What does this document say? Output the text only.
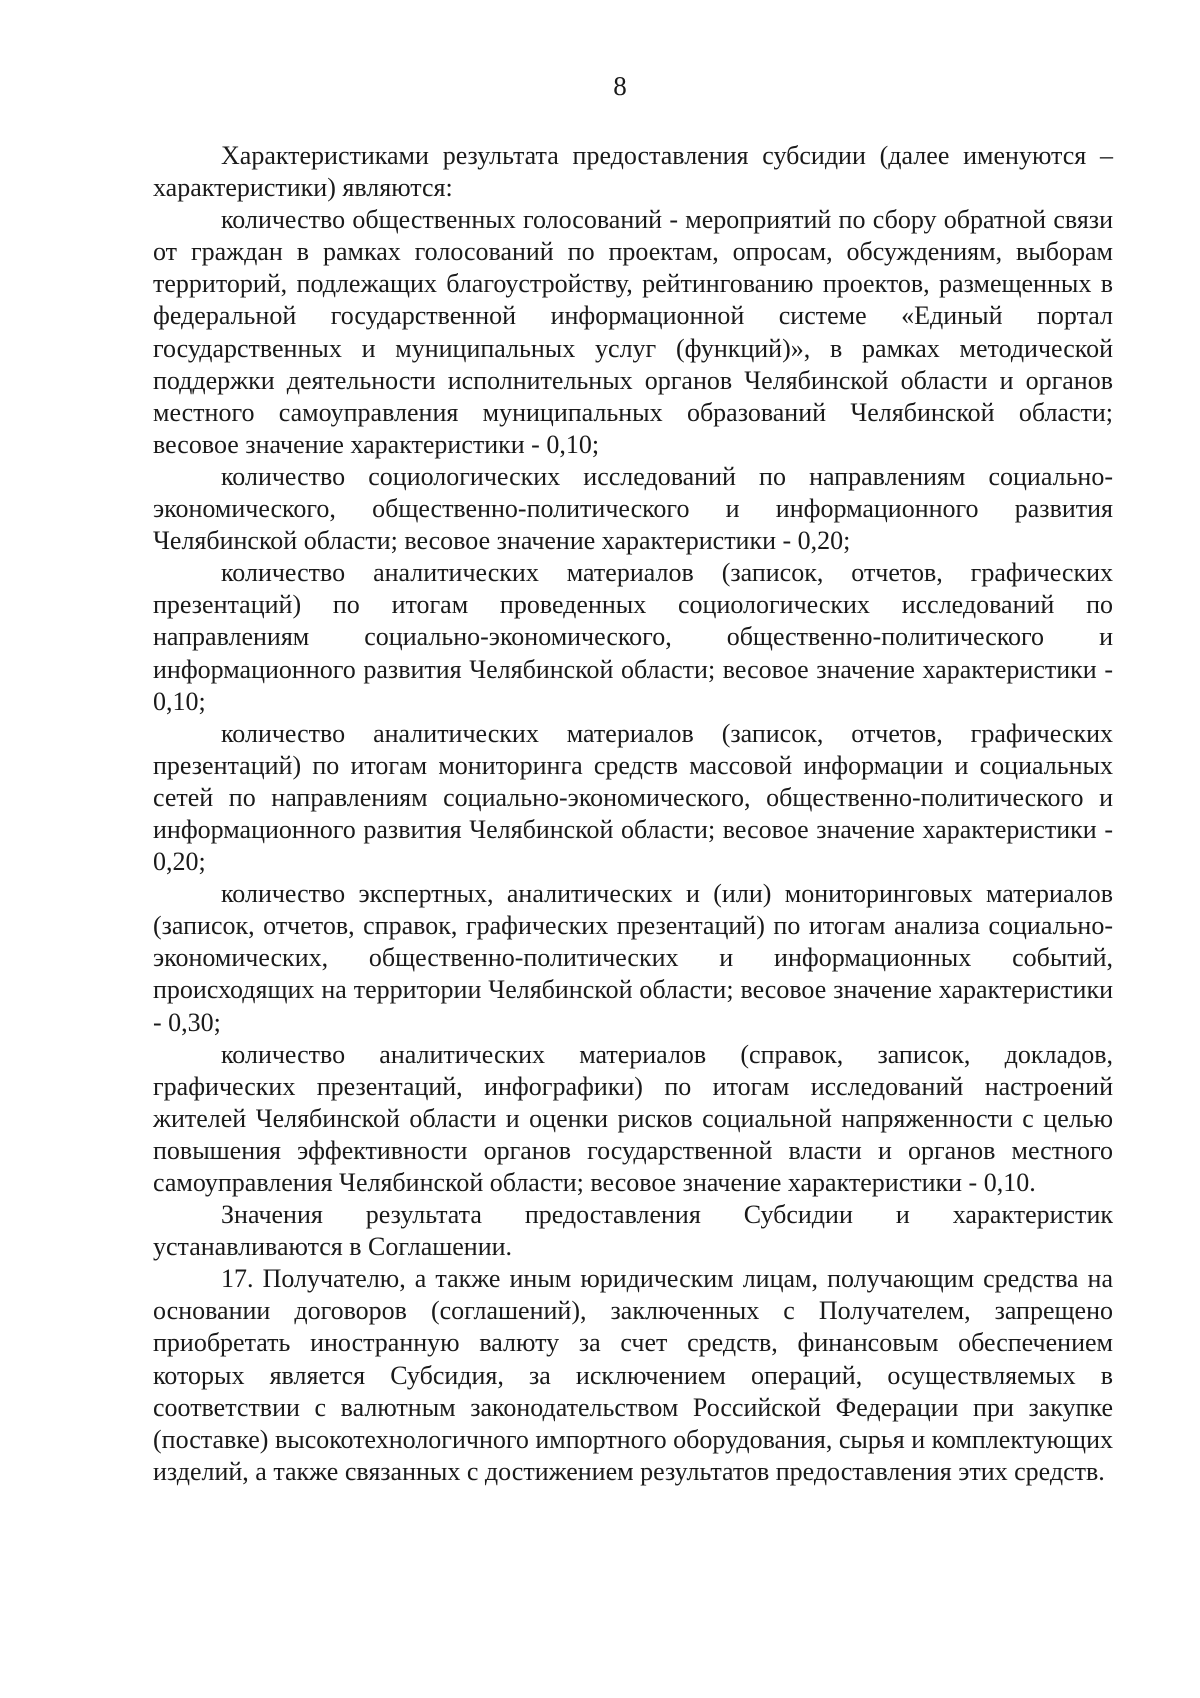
8

Характеристиками результата предоставления субсидии (далее именуются – характеристики) являются:

количество общественных голосований - мероприятий по сбору обратной связи от граждан в рамках голосований по проектам, опросам, обсуждениям, выборам территорий, подлежащих благоустройству, рейтингованию проектов, размещенных в федеральной государственной информационной системе «Единый портал государственных и муниципальных услуг (функций)», в рамках методической поддержки деятельности исполнительных органов Челябинской области и органов местного самоуправления муниципальных образований Челябинской области; весовое значение характеристики - 0,10;

количество социологических исследований по направлениям социально-экономического, общественно-политического и информационного развития Челябинской области; весовое значение характеристики - 0,20;

количество аналитических материалов (записок, отчетов, графических презентаций) по итогам проведенных социологических исследований по направлениям социально-экономического, общественно-политического и информационного развития Челябинской области; весовое значение характеристики - 0,10;

количество аналитических материалов (записок, отчетов, графических презентаций) по итогам мониторинга средств массовой информации и социальных сетей по направлениям социально-экономического, общественно-политического и информационного развития Челябинской области; весовое значение характеристики - 0,20;

количество экспертных, аналитических и (или) мониторинговых материалов (записок, отчетов, справок, графических презентаций) по итогам анализа социально-экономических, общественно-политических и информационных событий, происходящих на территории Челябинской области; весовое значение характеристики - 0,30;

количество аналитических материалов (справок, записок, докладов, графических презентаций, инфографики) по итогам исследований настроений жителей Челябинской области и оценки рисков социальной напряженности с целью повышения эффективности органов государственной власти и органов местного самоуправления Челябинской области; весовое значение характеристики - 0,10.

Значения результата предоставления Субсидии и характеристик устанавливаются в Соглашении.

17. Получателю, а также иным юридическим лицам, получающим средства на основании договоров (соглашений), заключенных с Получателем, запрещено приобретать иностранную валюту за счет средств, финансовым обеспечением которых является Субсидия, за исключением операций, осуществляемых в соответствии с валютным законодательством Российской Федерации при закупке (поставке) высокотехнологичного импортного оборудования, сырья и комплектующих изделий, а также связанных с достижением результатов предоставления этих средств.
